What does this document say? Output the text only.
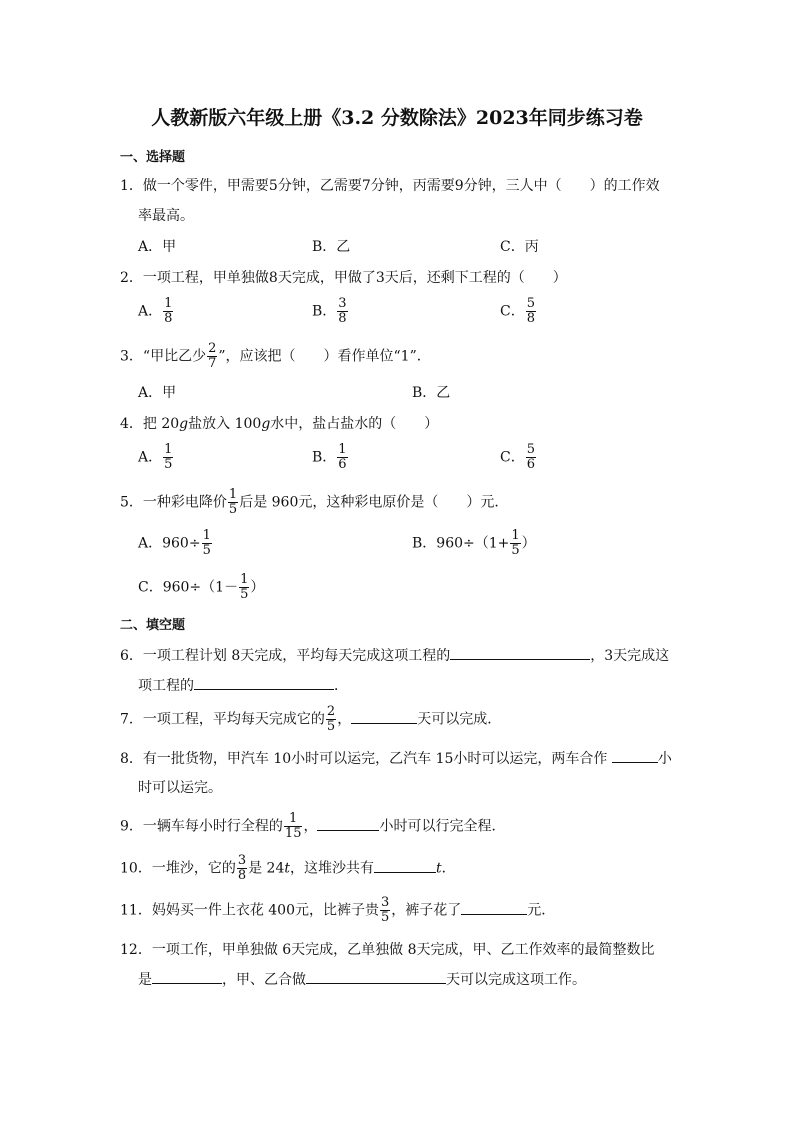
人教新版六年级上册《3.2 分数除法》2023年同步练习卷
一、选择题
1．做一个零件，甲需要5分钟，乙需要7分钟，丙需要9分钟，三人中（　　）的工作效
率最高。
A．甲	B．乙	C．丙
2．一项工程，甲单独做8天完成，甲做了3天后，还剩下工程的（　　）
A． $\frac{1}{8}$	B． $\frac{3}{8}$	C． $\frac{5}{8}$
3．“甲比乙少 $\frac{2}{7}$ ”，应该把（　　）看作单位“1”．
A．甲	B．乙
4．把 20g盐放入 100g水中，盐占盐水的（　　）
A． $\frac{1}{5}$	B． $\frac{1}{6}$	C． $\frac{5}{6}$
5．一种彩电降价 $\frac{1}{5}$ 后是 960元，这种彩电原价是（　　）元．
A．$960\div \frac{1}{5}$	B．$960\div(1+ \frac{1}{5}$ ）
C．$960\div(1- \frac{1}{5}$ ）
二、填空题
6．一项工程计划 8天完成，平均每天完成这项工程的	，3天完成这
项工程的	．
7．一项工程，平均每天完成它的 $\frac{2}{5}$ ，	天可以完成．
8．有一批货物，甲汽车 10小时可以运完，乙汽车 15小时可以运完，两车合作	小
时可以运完。
9．一辆车每小时行全程的 $\frac{1}{15}$ ，	小时可以行完全程．
10．一堆沙，它的 $\frac{3}{8}$ 是 24t，这堆沙共有	t．
11．妈妈买一件上衣花 400元，比裤子贵 $\frac{3}{5}$ ，裤子花了	元．
12．一项工作，甲单独做 6天完成，乙单独做 8天完成，甲、乙工作效率的最简整数比
是	，甲、乙合做	天可以完成这项工作。
